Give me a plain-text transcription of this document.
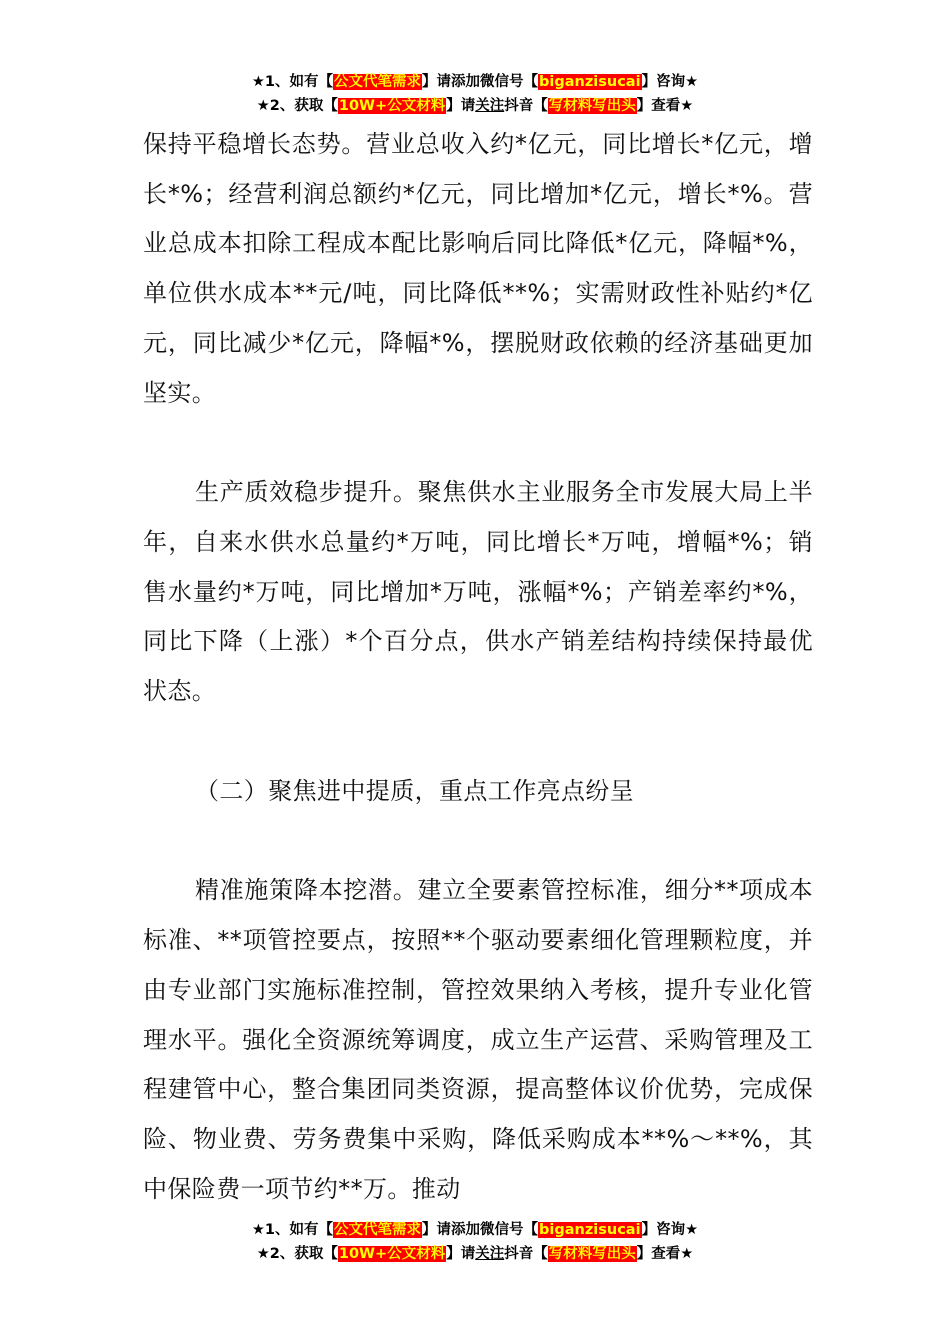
★1、如有【公文代笔需求】请添加微信号【biganzisucai】咨询★
★2、获取【10W+公文材料】请关注抖音【写材料写出头】查看★

保持平稳增长态势。营业总收入约*亿元，同比增长*亿元，增长*%；经营利润总额约*亿元，同比增加*亿元，增长*%。营业总成本扣除工程成本配比影响后同比降低*亿元，降幅*%，单位供水成本**元/吨，同比降低**%；实需财政性补贴约*亿元，同比减少*亿元，降幅*%，摆脱财政依赖的经济基础更加坚实。

生产质效稳步提升。聚焦供水主业服务全市发展大局上半年，自来水供水总量约*万吨，同比增长*万吨，增幅*%；销售水量约*万吨，同比增加*万吨，涨幅*%；产销差率约*%，同比下降（上涨）*个百分点，供水产销差结构持续保持最优状态。

（二）聚焦进中提质，重点工作亮点纷呈

精准施策降本挖潜。建立全要素管控标准，细分**项成本标准、**项管控要点，按照**个驱动要素细化管理颗粒度，并由专业部门实施标准控制，管控效果纳入考核，提升专业化管理水平。强化全资源统筹调度，成立生产运营、采购管理及工程建管中心，整合集团同类资源，提高整体议价优势，完成保险、物业费、劳务费集中采购，降低采购成本**%～**%，其中保险费一项节约**万。推动

★1、如有【公文代笔需求】请添加微信号【biganzisucai】咨询★
★2、获取【10W+公文材料】请关注抖音【写材料写出头】查看★
